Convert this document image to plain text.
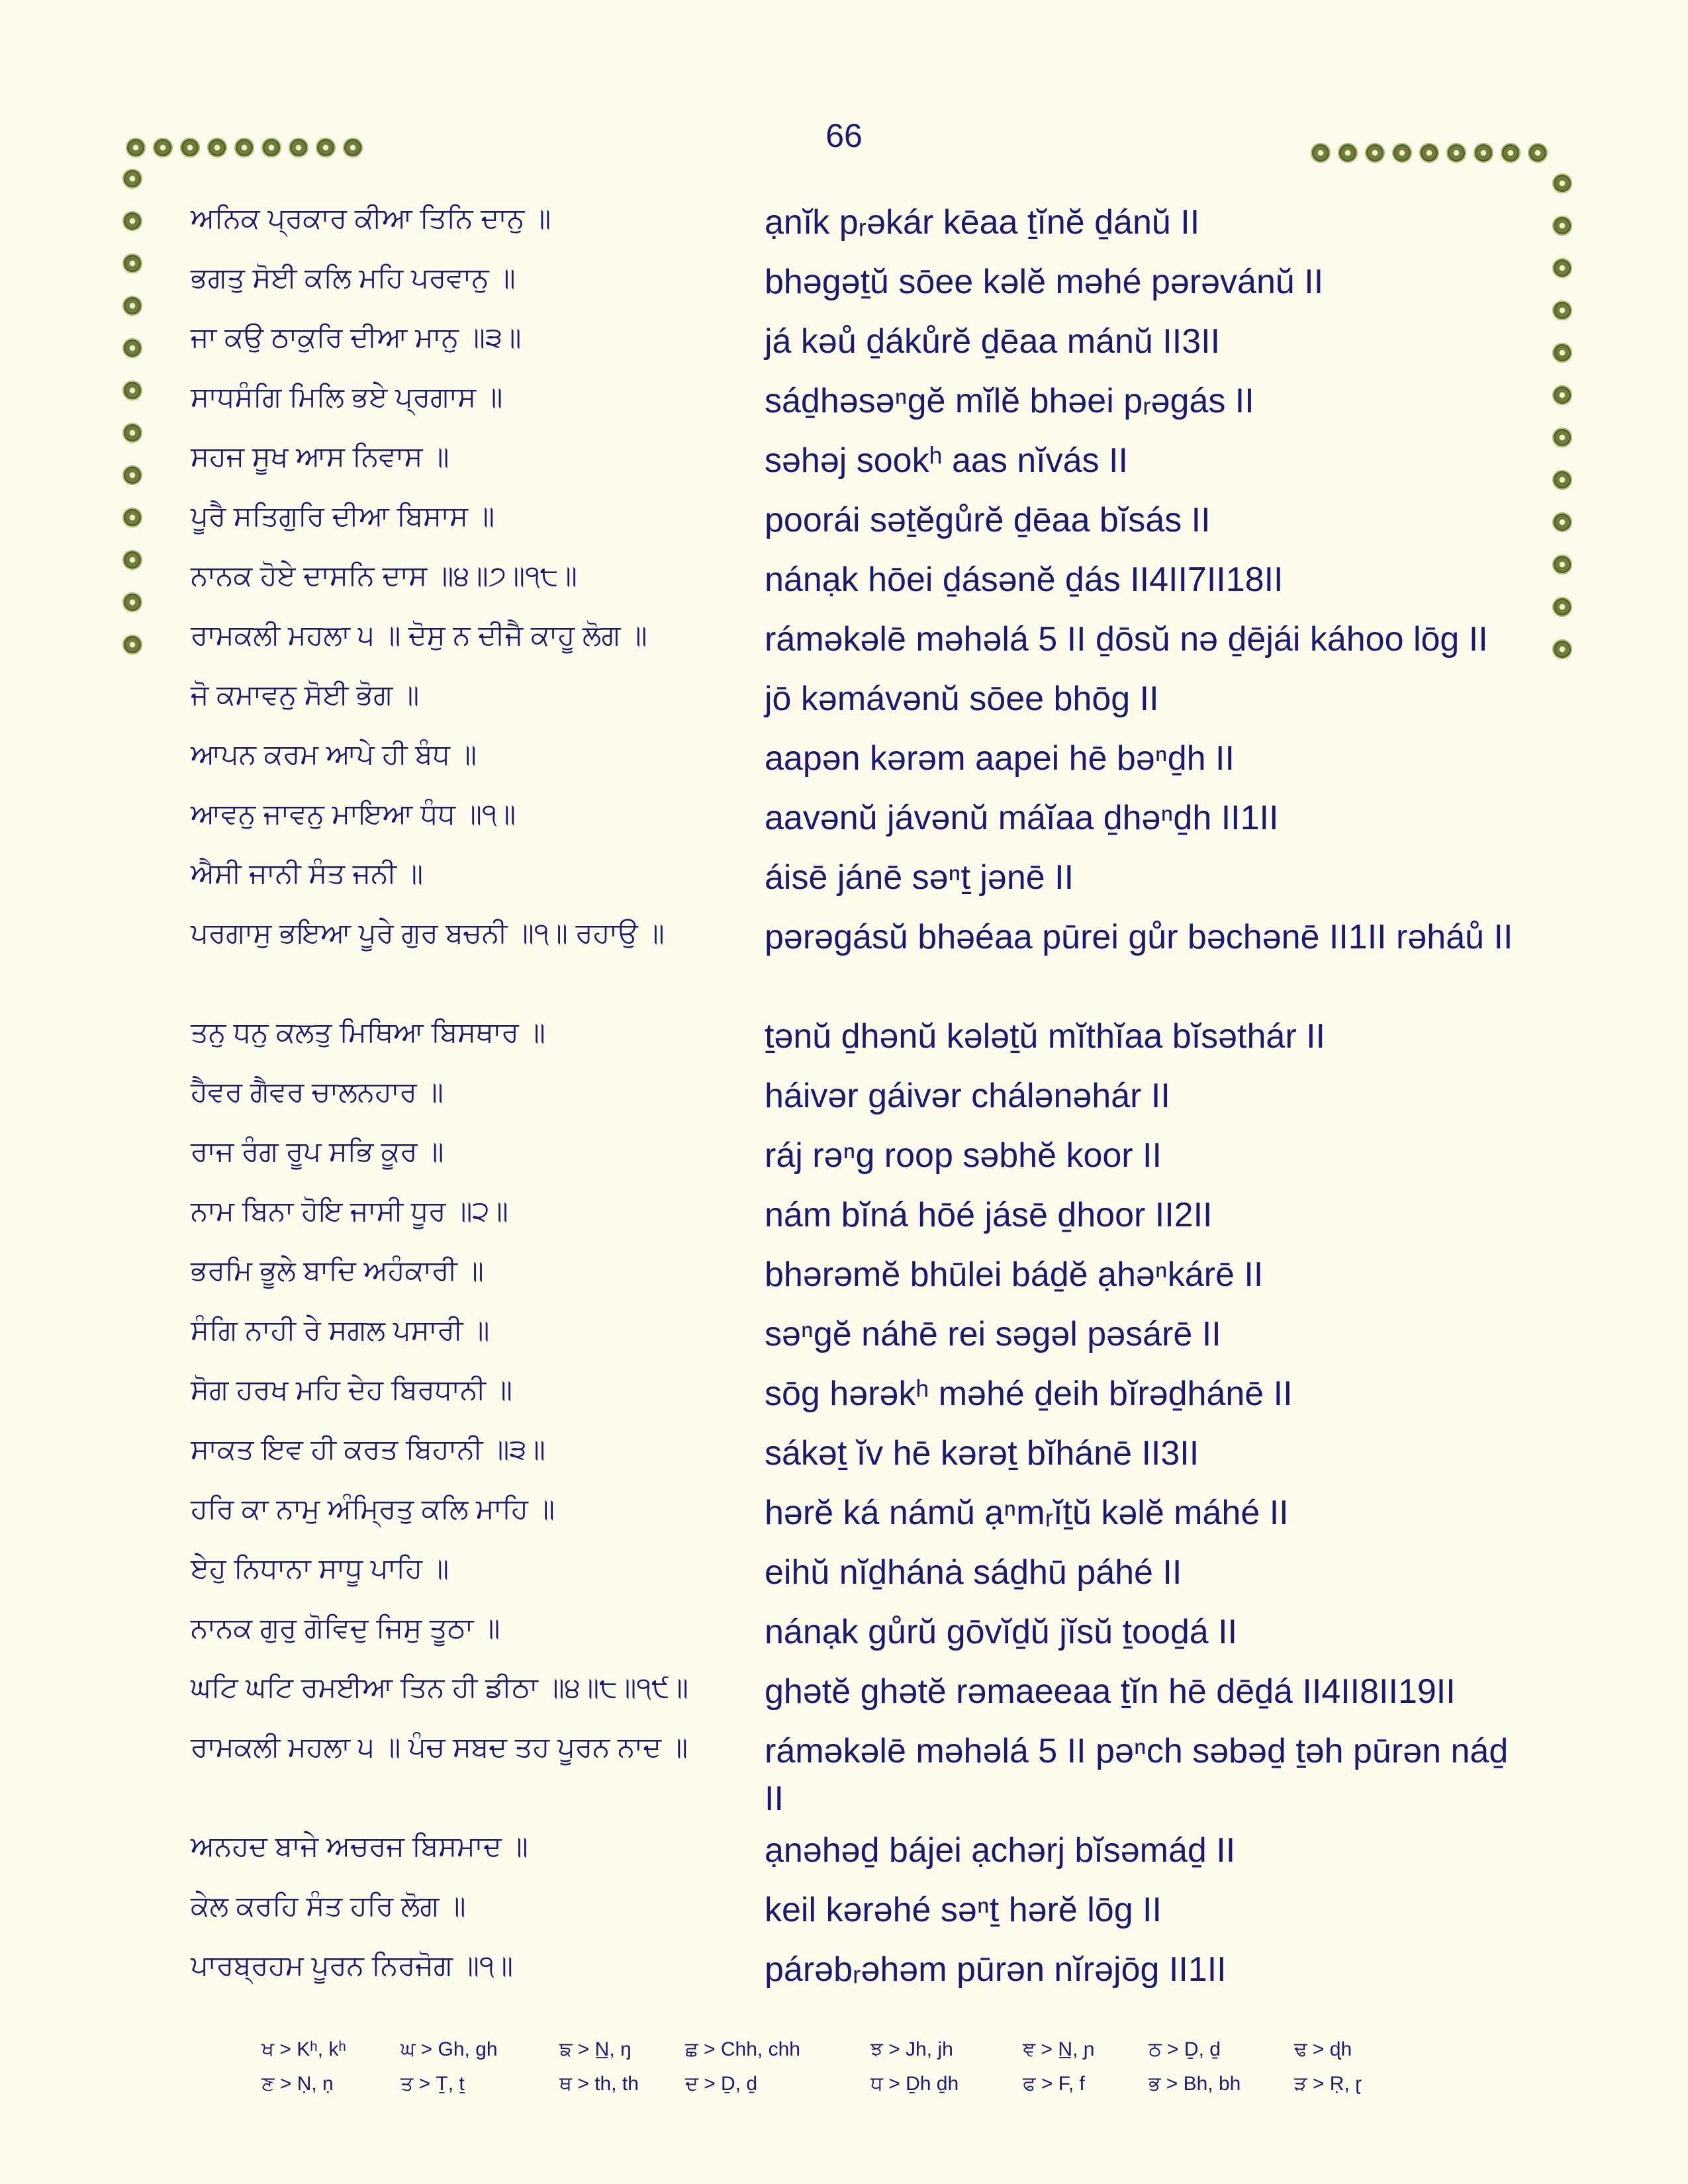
66
ਅਨਿਕ ਪ੍ਰਕਾਰ ਕੀਆ ਤਿਨਿ ਦਾਨੁ ॥	ạnĭk pᵣəkár kēaa ṯĭnĕ ḏánŭ II
ਭਗਤੁ ਸੋਈ ਕਲਿ ਮਹਿ ਪਰਵਾਨੁ ॥	bhəgəṯŭ sōee kəlĕ məhé pərəvánŭ II
ਜਾ ਕਉ ਠਾਕੁਰਿ ਦੀਆ ਮਾਨੁ ॥੩॥	já kəů ḏákůrĕ ḏēaa mánŭ II3II
ਸਾਧਸੰਗਿ ਮਿਲਿ ਭਏ ਪ੍ਰਗਾਸ ॥	sáḏhəsəⁿgĕ mĭlĕ bhəei pᵣəgás II
ਸਹਜ ਸੂਖ ਆਸ ਨਿਵਾਸ ॥	səhəj sookʰ aas nĭvás II
ਪੂਰੈ ਸਤਿਗੁਰਿ ਦੀਆ ਬਿਸਾਸ ॥	poorái səṯĕgůrĕ ḏēaa bĭsás II
ਨਾਨਕ ਹੋਏ ਦਾਸਨਿ ਦਾਸ ॥੪॥੭॥੧੮॥	nánạk hōei ḏásənĕ ḏás II4II7II18II
ਰਾਮਕਲੀ ਮਹਲਾ ੫ ॥ ਦੋਸੁ ਨ ਦੀਜੈ ਕਾਹੂ ਲੋਗ ॥	rámәkəlē məhəlá 5 II ḏōsŭ nə ḏējái káhoo lōg II
ਜੋ ਕਮਾਵਨੁ ਸੋਈ ਭੋਗ ॥	jō kəmávənŭ sōee bhōg II
ਆਪਨ ਕਰਮ ਆਪੇ ਹੀ ਬੰਧ ॥	aapən kərəm aapei hē bəⁿḏh II
ਆਵਨੁ ਜਾਵਨੁ ਮਾਇਆ ਧੰਧ ॥੧॥	aavənŭ jávənŭ máĭaa ḏhəⁿḏh II1II
ਐਸੀ ਜਾਨੀ ਸੰਤ ਜਨੀ ॥	áisē jánē səⁿṯ jənē II
ਪਰਗਾਸੁ ਭਇਆ ਪੂਰੇ ਗੁਰ ਬਚਨੀ ॥੧॥ ਰਹਾਉ ॥	pərəgásŭ bhəéaa pūrei gůr bəchənē II1II rəháů II
ਤਨੁ ਧਨੁ ਕਲਤੁ ਮਿਥਿਆ ਬਿਸਥਾਰ ॥	ṯənŭ ḏhənŭ kələṯŭ mĭthĭaa bĭsəthár II
ਹੈਵਰ ਗੈਵਰ ਚਾਲਨਹਾਰ ॥	háivər gáivər chálənəhár II
ਰਾਜ ਰੰਗ ਰੂਪ ਸਭਿ ਕੂਰ ॥	ráj rəⁿg roop səbhĕ koor II
ਨਾਮ ਬਿਨਾ ਹੋਇ ਜਾਸੀ ਧੂਰ ॥੨॥	nám bĭná hōé jásē ḏhoor II2II
ਭਰਮਿ ਭੂਲੇ ਬਾਦਿ ਅਹੰਕਾਰੀ ॥	bhərəmĕ bhūlei báḏĕ ạhəⁿkárē II
ਸੰਗਿ ਨਾਹੀ ਰੇ ਸਗਲ ਪਸਾਰੀ ॥	səⁿgĕ náhē rei səgəl pəsárē II
ਸੋਗ ਹਰਖ ਮਹਿ ਦੇਹ ਬਿਰਧਾਨੀ ॥	sōg hərəkʰ məhé ḏeih bĭrəḏhánē II
ਸਾਕਤ ਇਵ ਹੀ ਕਰਤ ਬਿਹਾਨੀ ॥੩॥	sákəṯ ĭv hē kərəṯ bĭhánē II3II
ਹਰਿ ਕਾ ਨਾਮੁ ਅੰਮ੍ਰਿਤੁ ਕਲਿ ਮਾਹਿ ॥	hərĕ ká námŭ ạⁿmᵣĭṯŭ kəlĕ máhé II
ਏਹੁ ਨਿਧਾਨਾ ਸਾਧੂ ਪਾਹਿ ॥	eihŭ nĭḏhánȧ sáḏhū páhé II
ਨਾਨਕ ਗੁਰੁ ਗੋਵਿਦੁ ਜਿਸੁ ਤੂਠਾ ॥	nánạk gůrŭ gōvĭḏŭ jĭsŭ ṯooḏá II
ਘਟਿ ਘਟਿ ਰਮਈਆ ਤਿਨ ਹੀ ਡੀਠਾ ॥੪॥੮॥੧੯॥	ghətĕ ghətĕ rəmaeeaa ṯĭn hē dēḏá II4II8II19II
ਰਾਮਕਲੀ ਮਹਲਾ ੫ ॥ ਪੰਚ ਸਬਦ ਤਹ ਪੂਰਨ ਨਾਦ ॥	rámәkəlē məhəlá 5 II pəⁿch səbəḏ ṯəh pūrən náḏ II
ਅਨਹਦ ਬਾਜੇ ਅਚਰਜ ਬਿਸਮਾਦ ॥	ạnəhəḏ bájei ạchərj bĭsəmáḏ II
ਕੇਲ ਕਰਹਿ ਸੰਤ ਹਰਿ ਲੋਗ ॥	keil kərəhé səⁿṯ hərĕ lōg II
ਪਾਰਬ੍ਰਹਮ ਪੂਰਨ ਨਿਰਜੋਗ ॥੧॥	párəbᵣəhəm pūrən nĭrəjōg II1II
ਖ > Kʰ, kʰ	ਘ > Gh, gh	ਙ > N̲, ŋ	ਛ > Chh, chh	ਝ > Jh, jh	ਞ > N̲, ɲ	ਠ > Ḏ, ḏ	ਢ > ɖh
ਣ > Ṇ, ṇ	ਤ > Ṯ, ṯ	ਥ > th, th ਦ > Ḏ, ḏ	ਧ > Ḏh ḏh	ਫ > F, f	ਭ > Bh, bh	ੜ > Ṛ, ɽ
